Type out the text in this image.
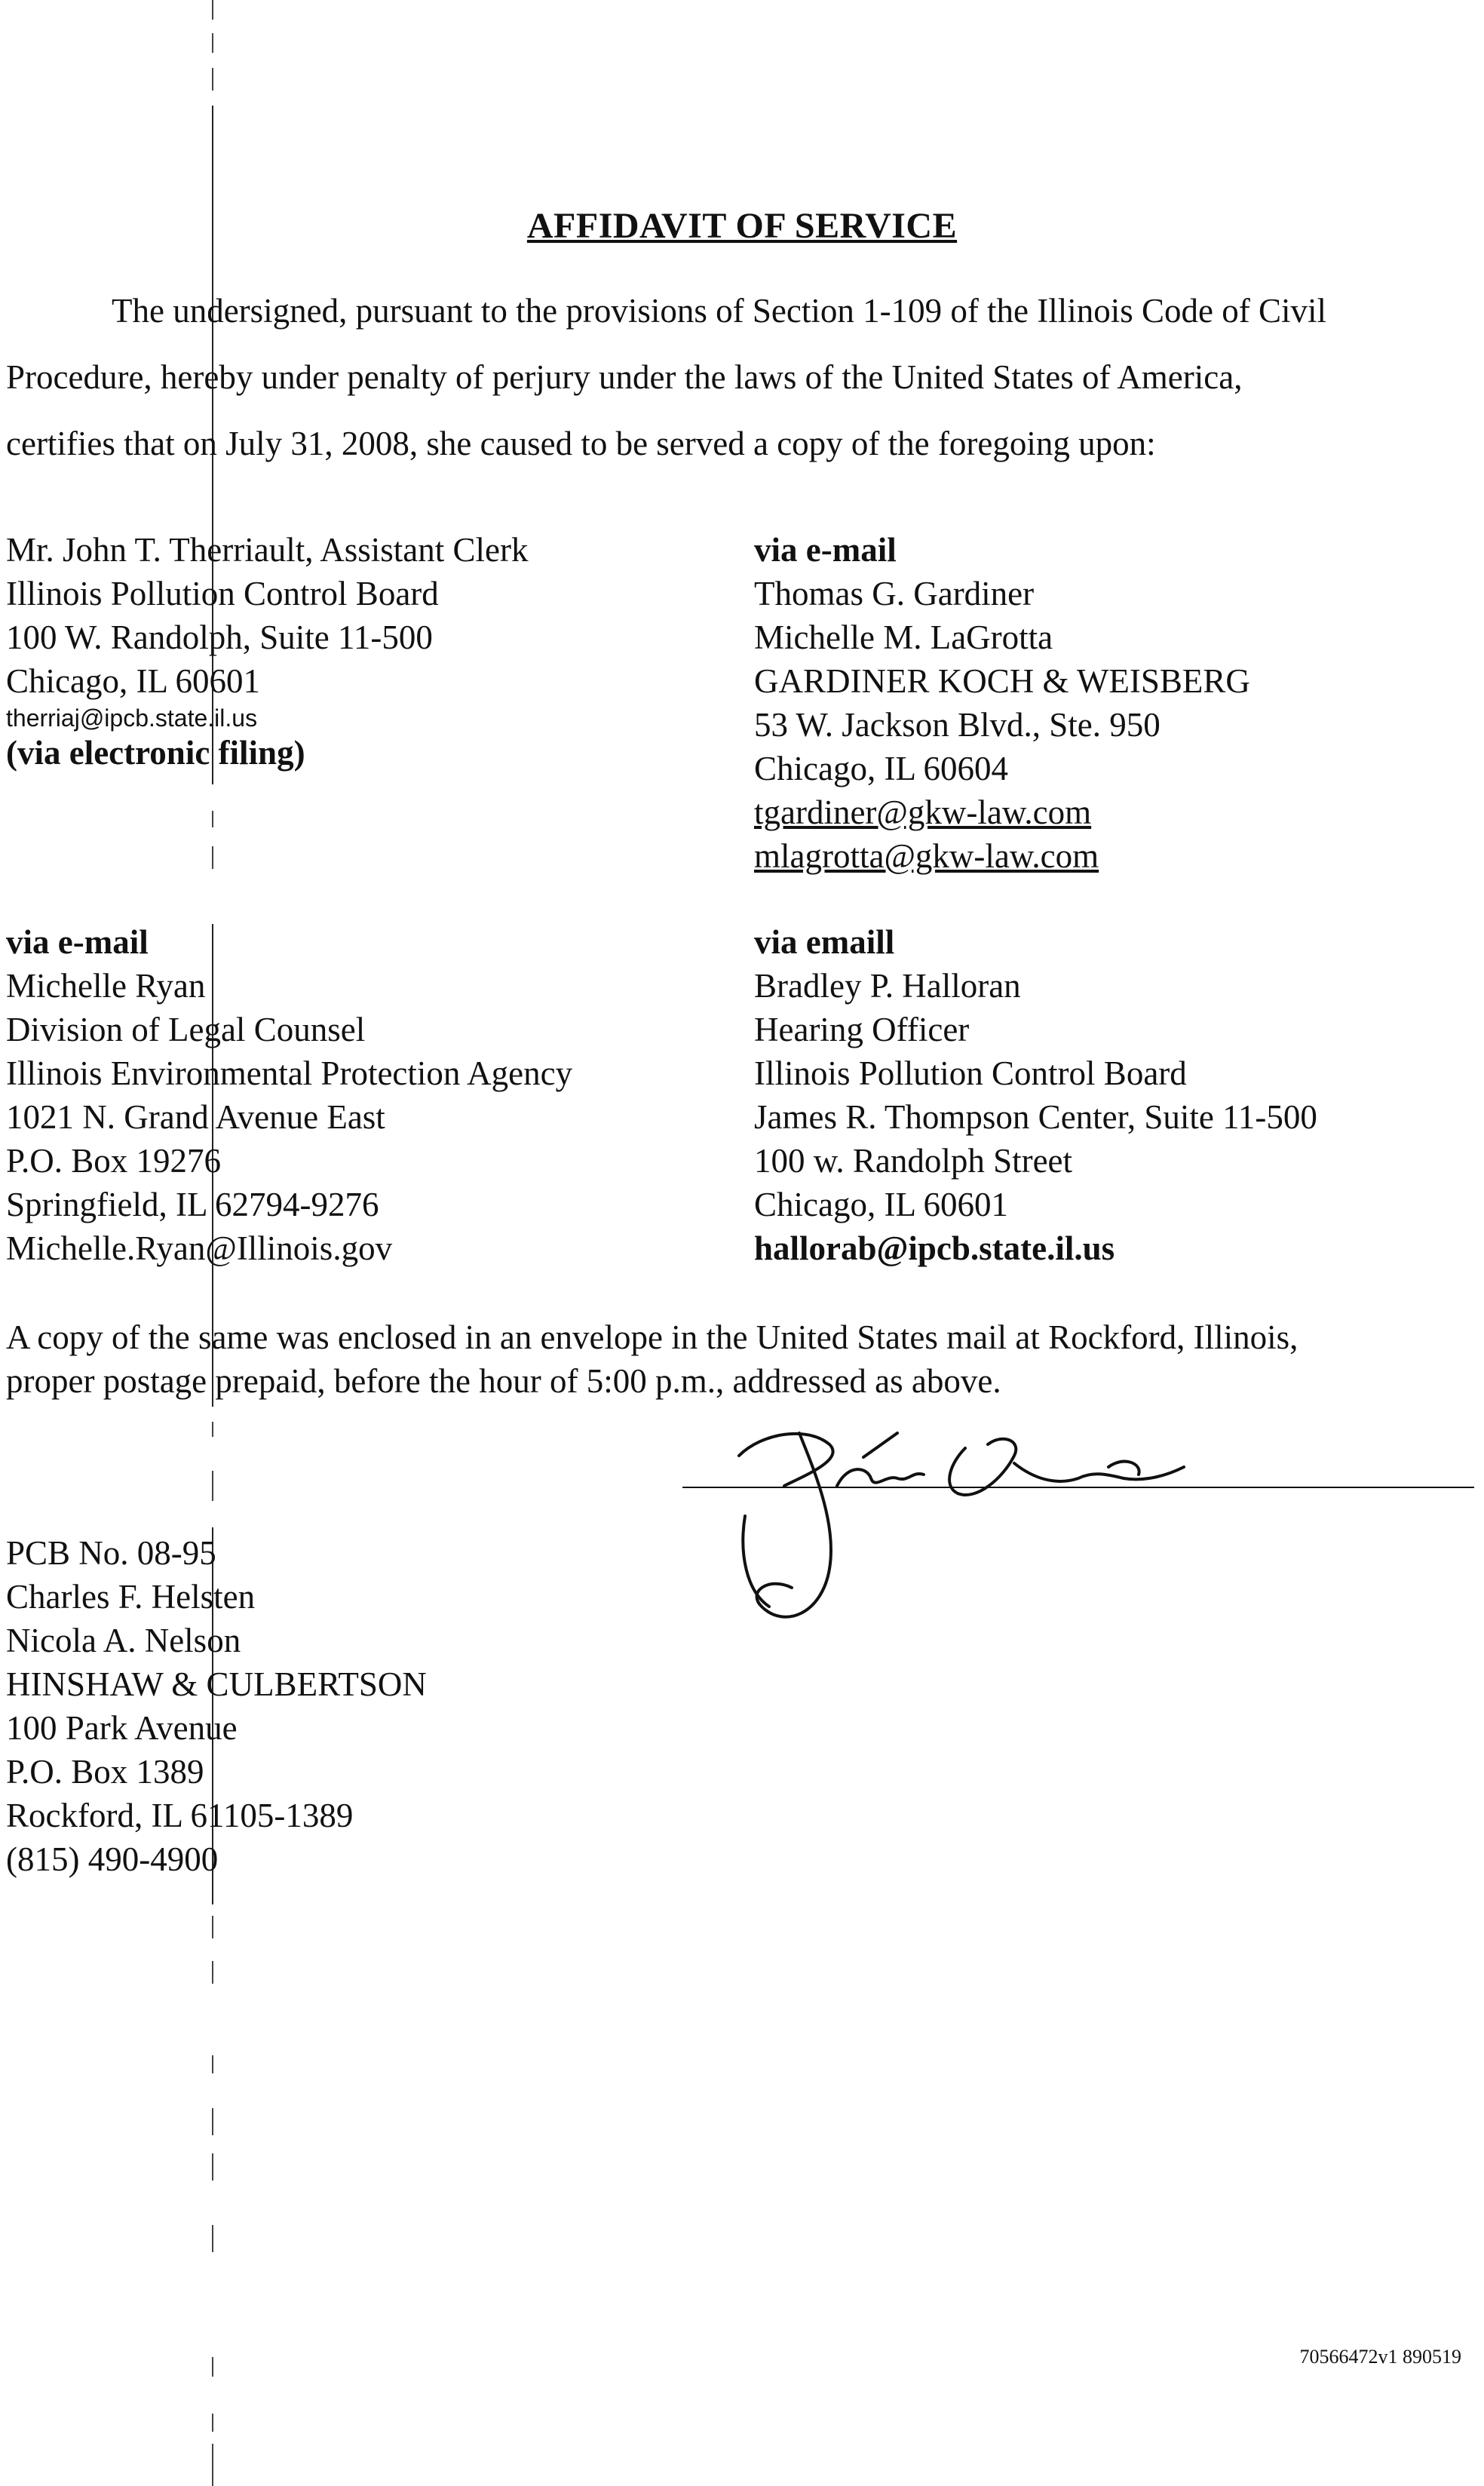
AFFIDAVIT OF SERVICE
The undersigned, pursuant to the provisions of Section 1-109 of the Illinois Code of Civil
Procedure, hereby under penalty of perjury under the laws of the United States of America,
certifies that on July 31, 2008, she caused to be served a copy of the foregoing upon:
Mr. John T. Therriault, Assistant Clerk
Illinois Pollution Control Board
100 W. Randolph, Suite 11-500
Chicago, IL 60601
therriaj@ipcb.state.il.us
(via electronic filing)
via e-mail
Thomas G. Gardiner
Michelle M. LaGrotta
GARDINER KOCH & WEISBERG
53 W. Jackson Blvd., Ste. 950
Chicago, IL 60604
tgardiner@gkw-law.com
mlagrotta@gkw-law.com
via e-mail
Michelle Ryan
Division of Legal Counsel
Illinois Environmental Protection Agency
1021 N. Grand Avenue East
P.O. Box 19276
Springfield, IL 62794-9276
Michelle.Ryan@Illinois.gov
via emaill
Bradley P. Halloran
Hearing Officer
Illinois Pollution Control Board
James R. Thompson Center, Suite 11-500
100 w. Randolph Street
Chicago, IL 60601
hallorab@ipcb.state.il.us
A copy of the same was enclosed in an envelope in the United States mail at Rockford, Illinois,
proper postage prepaid, before the hour of 5:00 p.m., addressed as above.
PCB No. 08-95
Charles F. Helsten
Nicola A. Nelson
HINSHAW & CULBERTSON
100 Park Avenue
P.O. Box 1389
Rockford, IL 61105-1389
(815) 490-4900
70566472v1 890519
